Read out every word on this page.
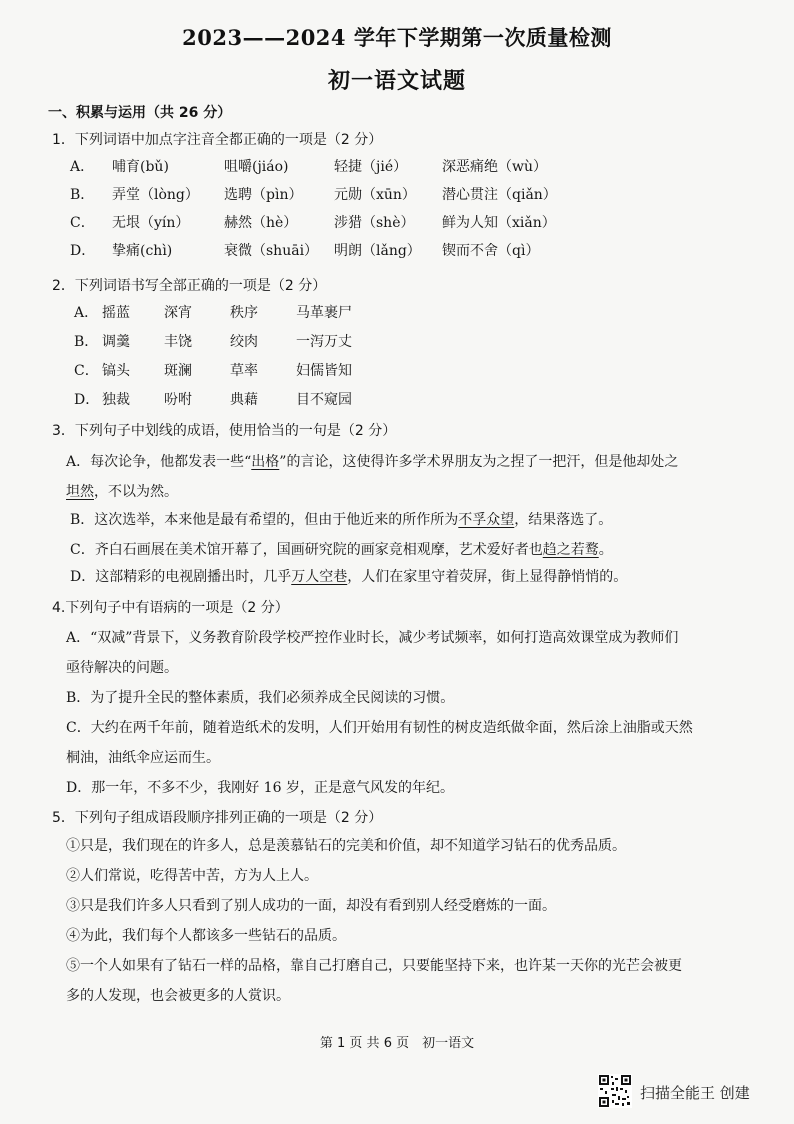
2023——2024 学年下学期第一次质量检测
初一语文试题
一、积累与运用（共 26 分）
1．下列词语中加点字注音全都正确的一项是（2 分）
A．	哺育(bǔ)	咀嚼(jiáo)	轻捷（jié）	深恶痛绝（wù）
B．	弄堂（lòng）	选聘（pìn）	元勋（xūn）	潜心贯注（qiǎn）
C．	无垠（yín）	赫然（hè）	涉猎（shè）	鲜为人知（xiǎn）
D．	挚痛(chì)	衰微（shuāi）	明朗（lǎng）	锲而不舍（qì）
2．下列词语书写全部正确的一项是（2 分）
A． 摇蓝	深宵	秩序	马革裹尸
B． 调羹	丰饶	绞肉	一泻万丈
C． 镐头	斑澜	草率	妇儒皆知
D． 独裁	吩咐	典藉	目不窥园
3．下列句子中划线的成语，使用恰当的一句是（2 分）
A．每次论争，他都发表一些“出格”的言论，这使得许多学术界朋友为之捏了一把汗，但是他却处之
坦然，不以为然。
B．这次选举，本来他是最有希望的，但由于他近来的所作所为不孚众望，结果落选了。
C．齐白石画展在美术馆开幕了，国画研究院的画家竞相观摩，艺术爱好者也趋之若鹜。
D．这部精彩的电视剧播出时，几乎万人空巷，人们在家里守着荧屏，街上显得静悄悄的。
4.下列句子中有语病的一项是（2 分）
A．“双减”背景下，义务教育阶段学校严控作业时长，减少考试频率，如何打造高效课堂成为教师们
亟待解决的问题。
B．为了提升全民的整体素质，我们必须养成全民阅读的习惯。
C．大约在两千年前，随着造纸术的发明，人们开始用有韧性的树皮造纸做伞面，然后涂上油脂或天然
桐油，油纸伞应运而生。
D．那一年，不多不少，我刚好 16 岁，正是意气风发的年纪。
5．下列句子组成语段顺序排列正确的一项是（2 分）
①只是，我们现在的许多人，总是羡慕钻石的完美和价值，却不知道学习钻石的优秀品质。
②人们常说，吃得苦中苦，方为人上人。
③只是我们许多人只看到了别人成功的一面，却没有看到别人经受磨炼的一面。
④为此，我们每个人都该多一些钻石的品质。
⑤一个人如果有了钻石一样的品格，靠自己打磨自己，只要能坚持下来，也许某一天你的光芒会被更
多的人发现，也会被更多的人赏识。
第 1 页 共 6 页　初一语文
扫描全能王 创建
